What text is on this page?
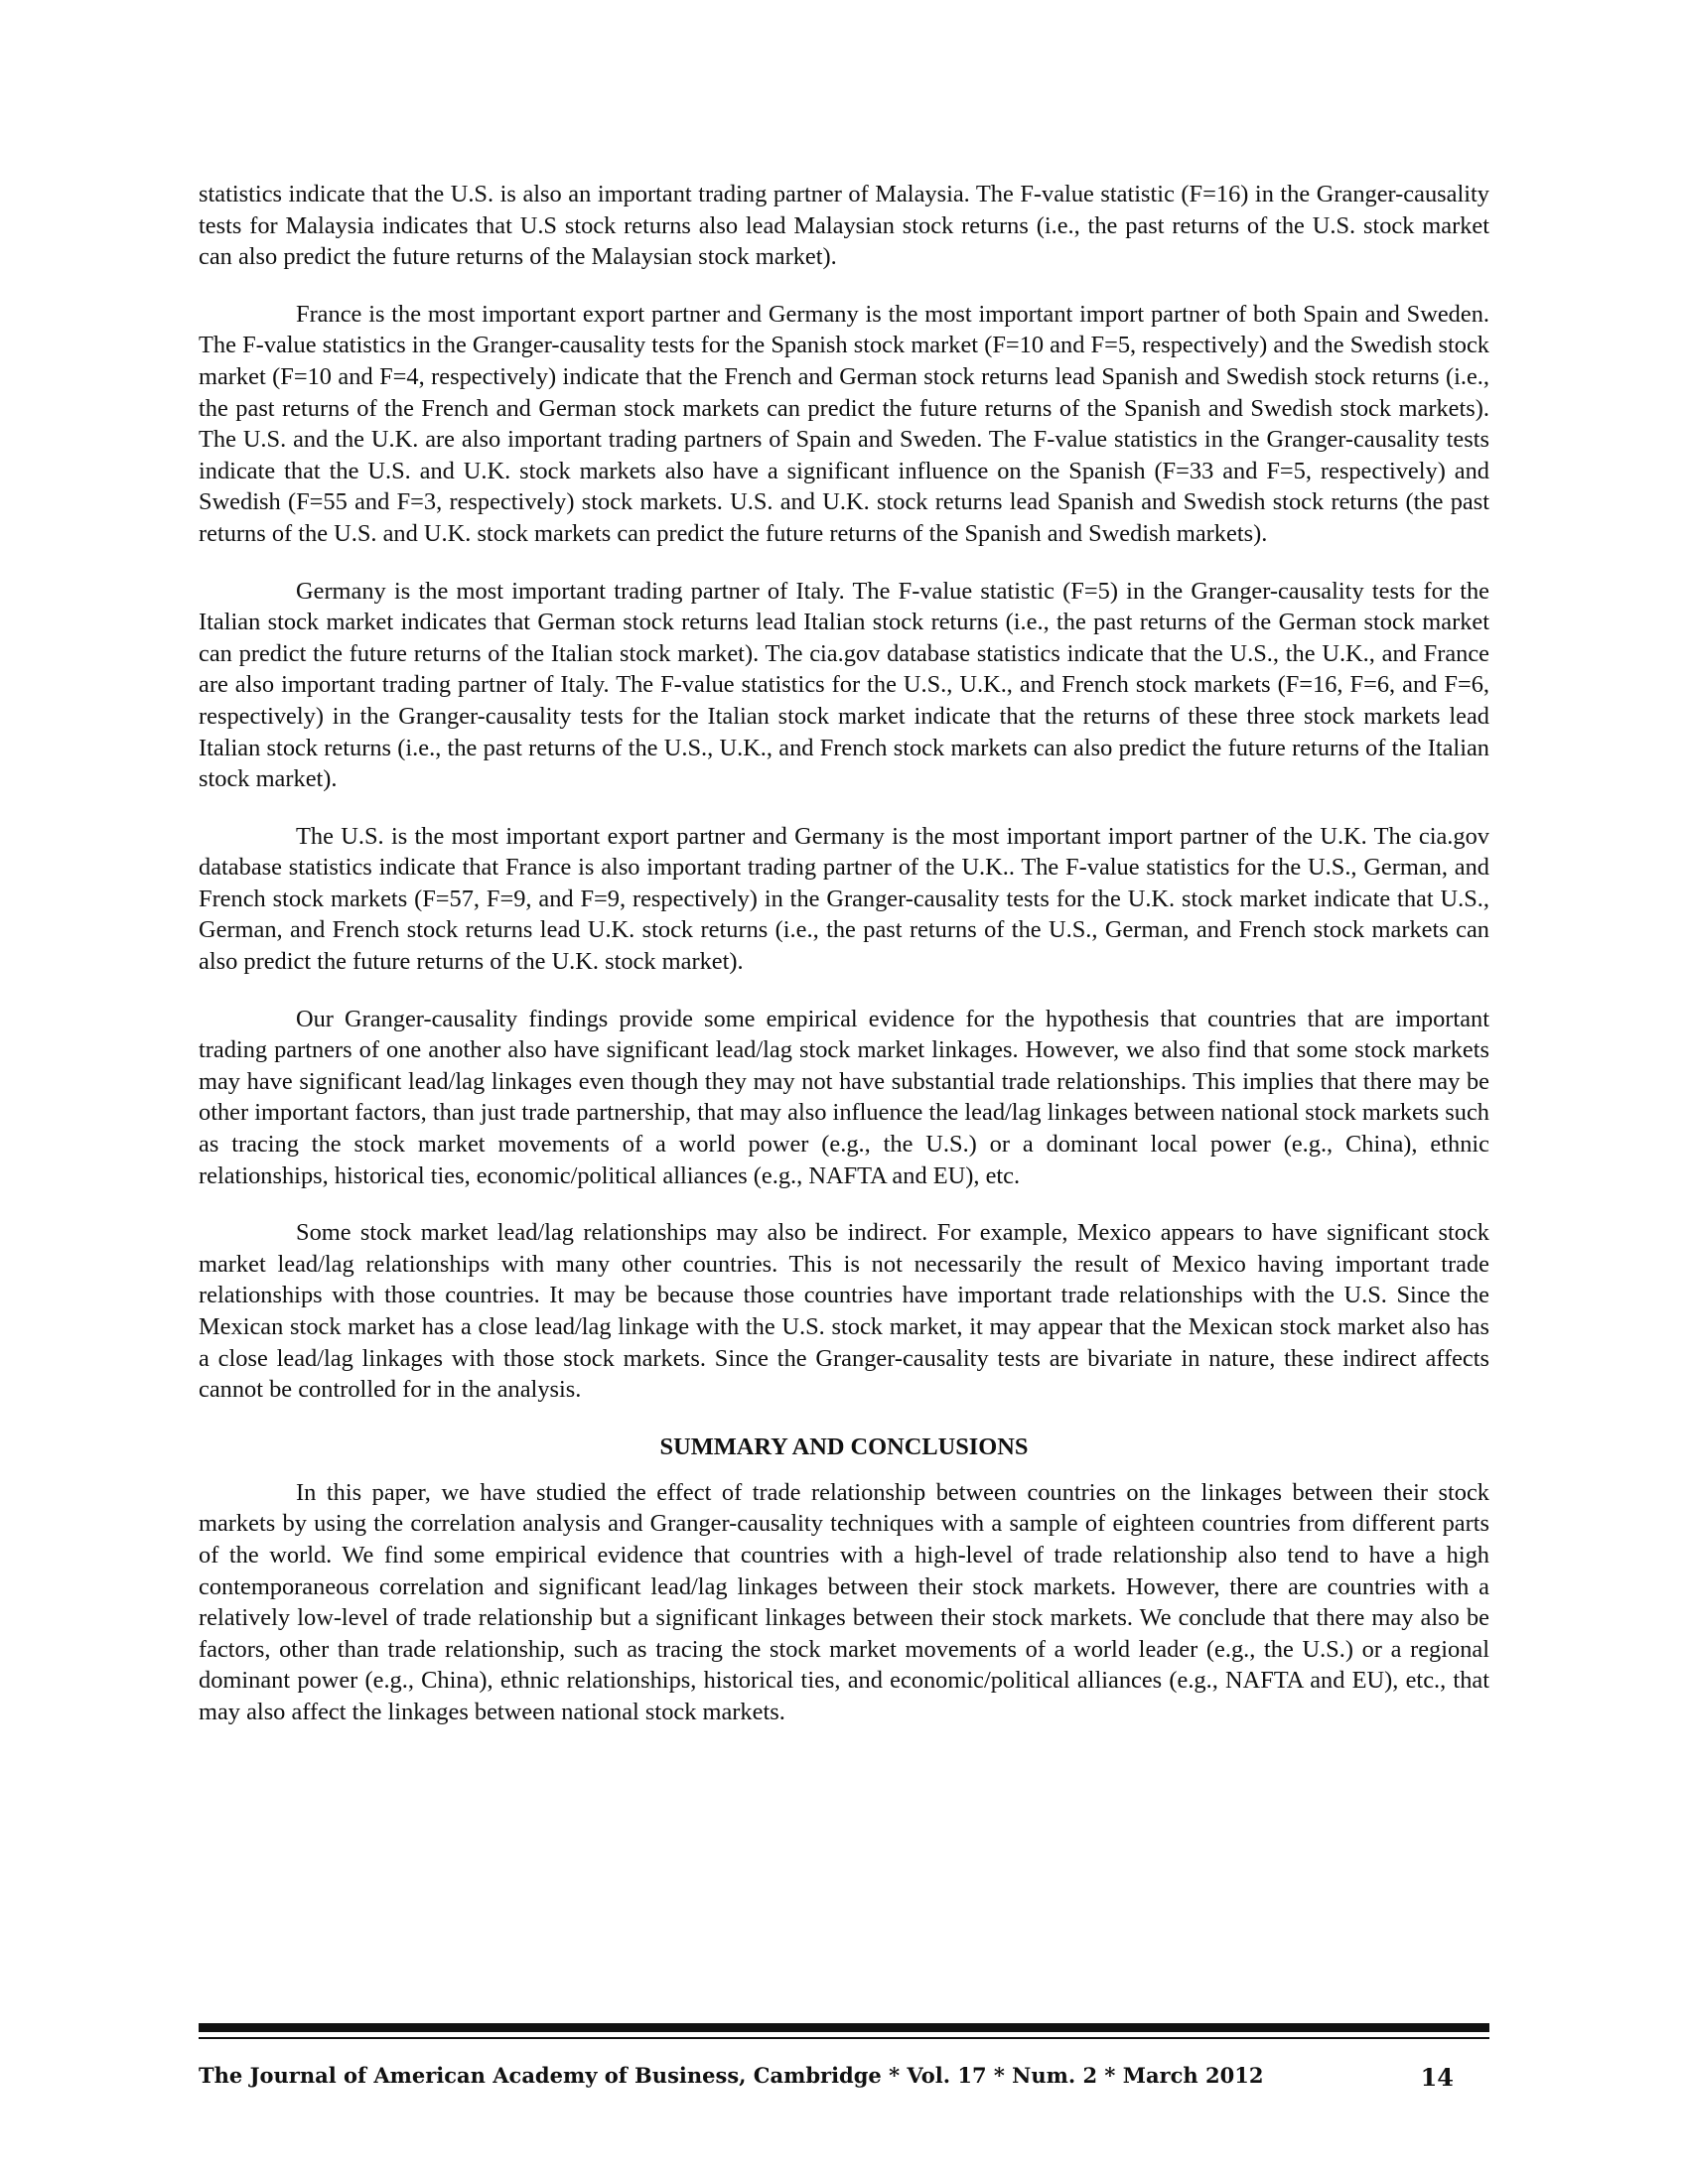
statistics indicate that the U.S. is also an important trading partner of Malaysia. The F-value statistic (F=16) in the Granger-causality tests for Malaysia indicates that U.S stock returns also lead Malaysian stock returns (i.e., the past returns of the U.S. stock market can also predict the future returns of the Malaysian stock market).

France is the most important export partner and Germany is the most important import partner of both Spain and Sweden. The F-value statistics in the Granger-causality tests for the Spanish stock market (F=10 and F=5, respectively) and the Swedish stock market (F=10 and F=4, respectively) indicate that the French and German stock returns lead Spanish and Swedish stock returns (i.e., the past returns of the French and German stock markets can predict the future returns of the Spanish and Swedish stock markets). The U.S. and the U.K. are also important trading partners of Spain and Sweden. The F-value statistics in the Granger-causality tests indicate that the U.S. and U.K. stock markets also have a significant influence on the Spanish (F=33 and F=5, respectively) and Swedish (F=55 and F=3, respectively) stock markets. U.S. and U.K. stock returns lead Spanish and Swedish stock returns (the past returns of the U.S. and U.K. stock markets can predict the future returns of the Spanish and Swedish markets).

Germany is the most important trading partner of Italy. The F-value statistic (F=5) in the Granger-causality tests for the Italian stock market indicates that German stock returns lead Italian stock returns (i.e., the past returns of the German stock market can predict the future returns of the Italian stock market). The cia.gov database statistics indicate that the U.S., the U.K., and France are also important trading partner of Italy. The F-value statistics for the U.S., U.K., and French stock markets (F=16, F=6, and F=6, respectively) in the Granger-causality tests for the Italian stock market indicate that the returns of these three stock markets lead Italian stock returns (i.e., the past returns of the U.S., U.K., and French stock markets can also predict the future returns of the Italian stock market).

The U.S. is the most important export partner and Germany is the most important import partner of the U.K. The cia.gov database statistics indicate that France is also important trading partner of the U.K.. The F-value statistics for the U.S., German, and French stock markets (F=57, F=9, and F=9, respectively) in the Granger-causality tests for the U.K. stock market indicate that U.S., German, and French stock returns lead U.K. stock returns (i.e., the past returns of the U.S., German, and French stock markets can also predict the future returns of the U.K. stock market).

Our Granger-causality findings provide some empirical evidence for the hypothesis that countries that are important trading partners of one another also have significant lead/lag stock market linkages. However, we also find that some stock markets may have significant lead/lag linkages even though they may not have substantial trade relationships. This implies that there may be other important factors, than just trade partnership, that may also influence the lead/lag linkages between national stock markets such as tracing the stock market movements of a world power (e.g., the U.S.) or a dominant local power (e.g., China), ethnic relationships, historical ties, economic/political alliances (e.g., NAFTA and EU), etc.

Some stock market lead/lag relationships may also be indirect. For example, Mexico appears to have significant stock market lead/lag relationships with many other countries. This is not necessarily the result of Mexico having important trade relationships with those countries. It may be because those countries have important trade relationships with the U.S. Since the Mexican stock market has a close lead/lag linkage with the U.S. stock market, it may appear that the Mexican stock market also has a close lead/lag linkages with those stock markets. Since the Granger-causality tests are bivariate in nature, these indirect affects cannot be controlled for in the analysis.

SUMMARY AND CONCLUSIONS

In this paper, we have studied the effect of trade relationship between countries on the linkages between their stock markets by using the correlation analysis and Granger-causality techniques with a sample of eighteen countries from different parts of the world. We find some empirical evidence that countries with a high-level of trade relationship also tend to have a high contemporaneous correlation and significant lead/lag linkages between their stock markets. However, there are countries with a relatively low-level of trade relationship but a significant linkages between their stock markets. We conclude that there may also be factors, other than trade relationship, such as tracing the stock market movements of a world leader (e.g., the U.S.) or a regional dominant power (e.g., China), ethnic relationships, historical ties, and economic/political alliances (e.g., NAFTA and EU), etc., that may also affect the linkages between national stock markets.

The Journal of American Academy of Business, Cambridge * Vol. 17 * Num. 2 * March 2012	14
